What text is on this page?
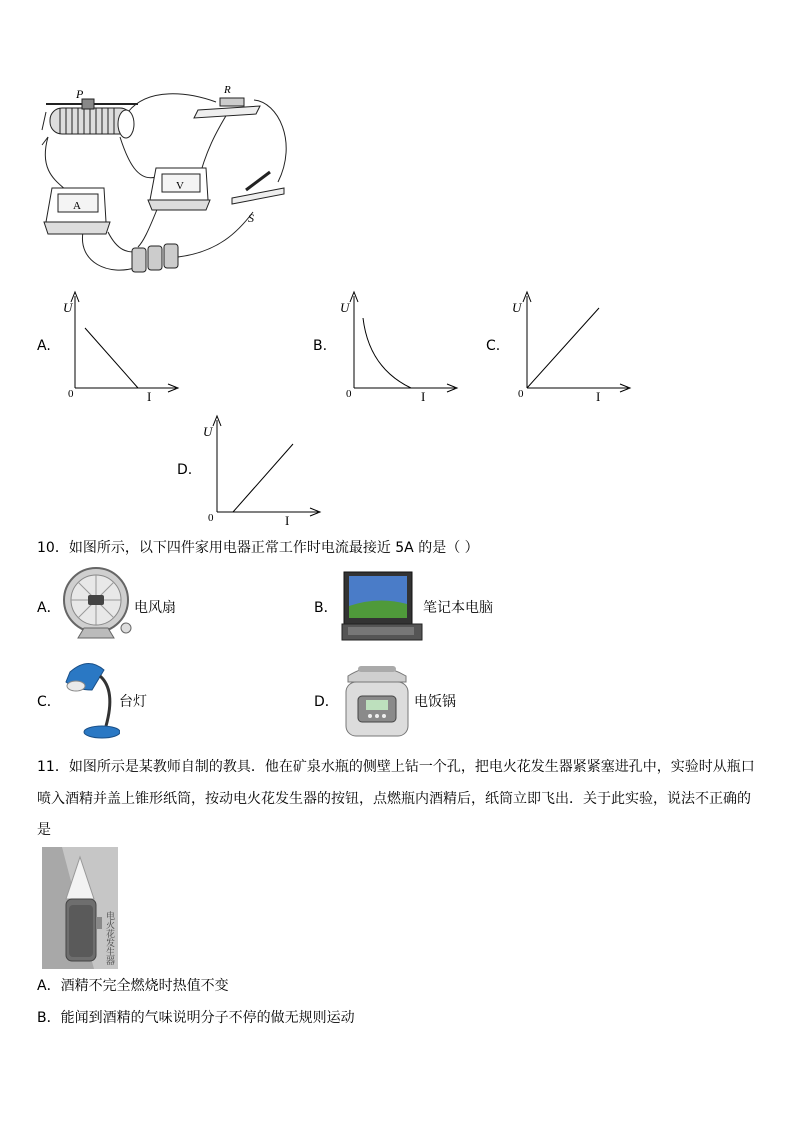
P	R
V
A
S
A.
U
I
0
B.
U
I
0
C.
U
I
0
D.
U
I
0
10．如图所示，以下四件家用电器正常工作时电流最接近 5A 的是（ ）
A．	电风扇	B．	笔记本电脑
C．	台灯	D．	电饭锅
11．如图所示是某教师自制的教具．他在矿泉水瓶的侧壁上钻一个孔，把电火花发生器紧紧塞进孔中，实验时从瓶口
喷入酒精并盖上锥形纸筒，按动电火花发生器的按钮，点燃瓶内酒精后，纸筒立即飞出．关于此实验，说法不正确的
是
电火花发生器
A．酒精不完全燃烧时热值不变
B．能闻到酒精的气味说明分子不停的做无规则运动
